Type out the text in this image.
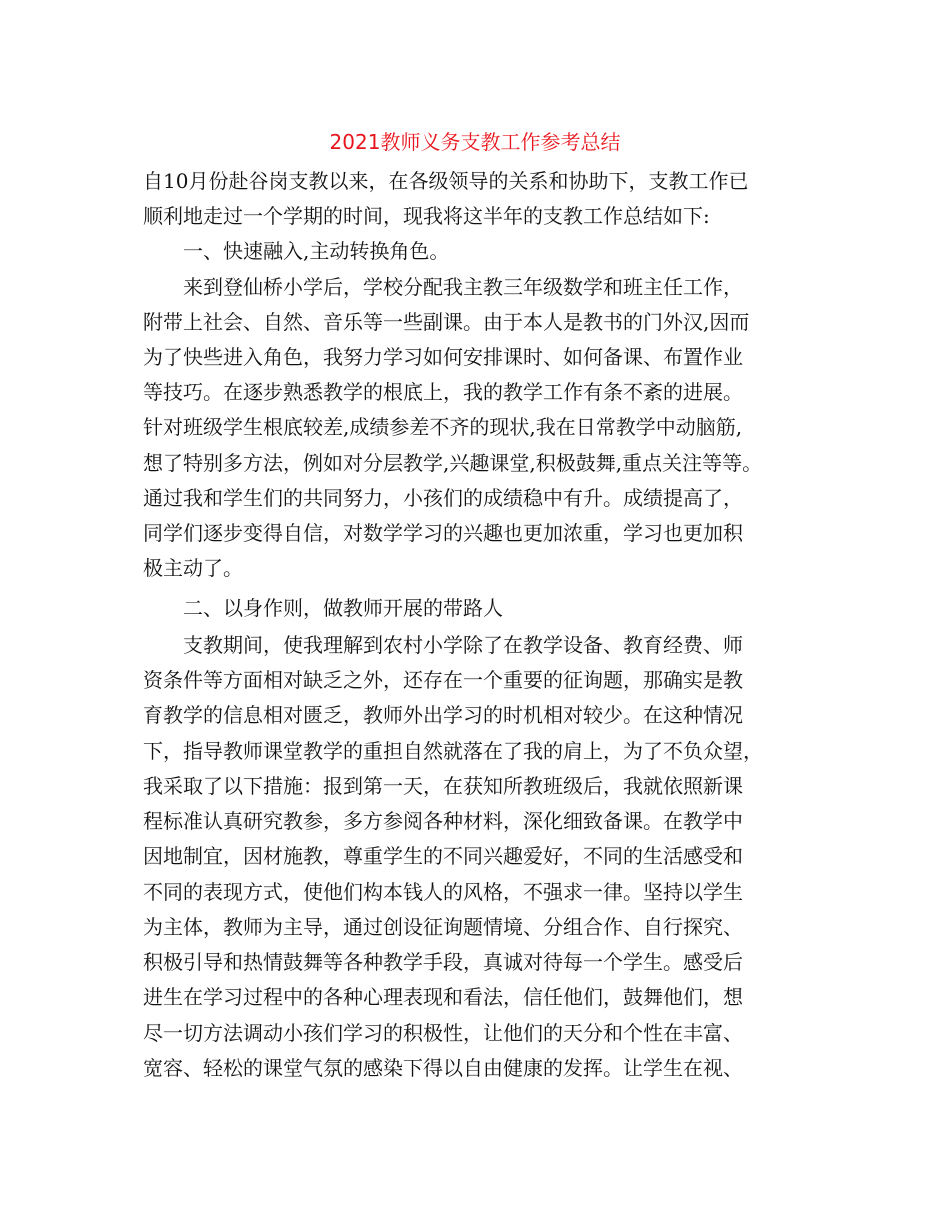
2021教师义务支教工作参考总结
自10月份赴谷岗支教以来，在各级领导的关系和协助下，支教工作已
顺利地走过一个学期的时间，现我将这半年的支教工作总结如下:
　　一、快速融入,主动转换角色。
　　来到登仙桥小学后，学校分配我主教三年级数学和班主任工作，
附带上社会、自然、音乐等一些副课。由于本人是教书的门外汉,因而
为了快些进入角色，我努力学习如何安排课时、如何备课、布置作业
等技巧。在逐步熟悉教学的根底上，我的教学工作有条不紊的进展。
针对班级学生根底较差,成绩参差不齐的现状,我在日常教学中动脑筋,
想了特别多方法，例如对分层教学,兴趣课堂,积极鼓舞,重点关注等等。
通过我和学生们的共同努力，小孩们的成绩稳中有升。成绩提高了，
同学们逐步变得自信，对数学学习的兴趣也更加浓重，学习也更加积
极主动了。
　　二、以身作则，做教师开展的带路人
　　支教期间，使我理解到农村小学除了在教学设备、教育经费、师
资条件等方面相对缺乏之外，还存在一个重要的征询题，那确实是教
育教学的信息相对匮乏，教师外出学习的时机相对较少。在这种情况
下，指导教师课堂教学的重担自然就落在了我的肩上，为了不负众望，
我采取了以下措施：报到第一天，在获知所教班级后，我就依照新课
程标准认真研究教参，多方参阅各种材料，深化细致备课。在教学中
因地制宜，因材施教，尊重学生的不同兴趣爱好，不同的生活感受和
不同的表现方式，使他们构本钱人的风格，不强求一律。坚持以学生
为主体，教师为主导，通过创设征询题情境、分组合作、自行探究、
积极引导和热情鼓舞等各种教学手段，真诚对待每一个学生。感受后
进生在学习过程中的各种心理表现和看法，信任他们，鼓舞他们，想
尽一切方法调动小孩们学习的积极性，让他们的天分和个性在丰富、
宽容、轻松的课堂气氛的感染下得以自由健康的发挥。让学生在视、
